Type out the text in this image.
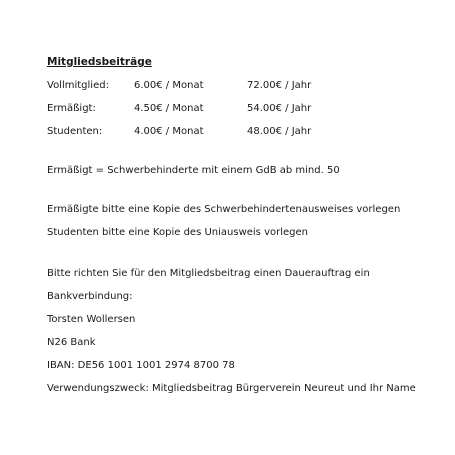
Mitgliedsbeiträge
Vollmitglied:	6.00€ / Monat	72.00€ / Jahr
Ermäßigt:	4.50€ / Monat	54.00€ / Jahr
Studenten:	4.00€ / Monat	48.00€ / Jahr
Ermäßigt = Schwerbehinderte mit einem GdB ab mind. 50
Ermäßigte bitte eine Kopie des Schwerbehindertenausweises vorlegen
Studenten bitte eine Kopie des Uniausweis vorlegen
Bitte richten Sie für den Mitgliedsbeitrag einen Dauerauftrag ein
Bankverbindung:
Torsten Wollersen
N26 Bank
IBAN: DE56 1001 1001 2974 8700 78
Verwendungszweck: Mitgliedsbeitrag Bürgerverein Neureut und Ihr Name
